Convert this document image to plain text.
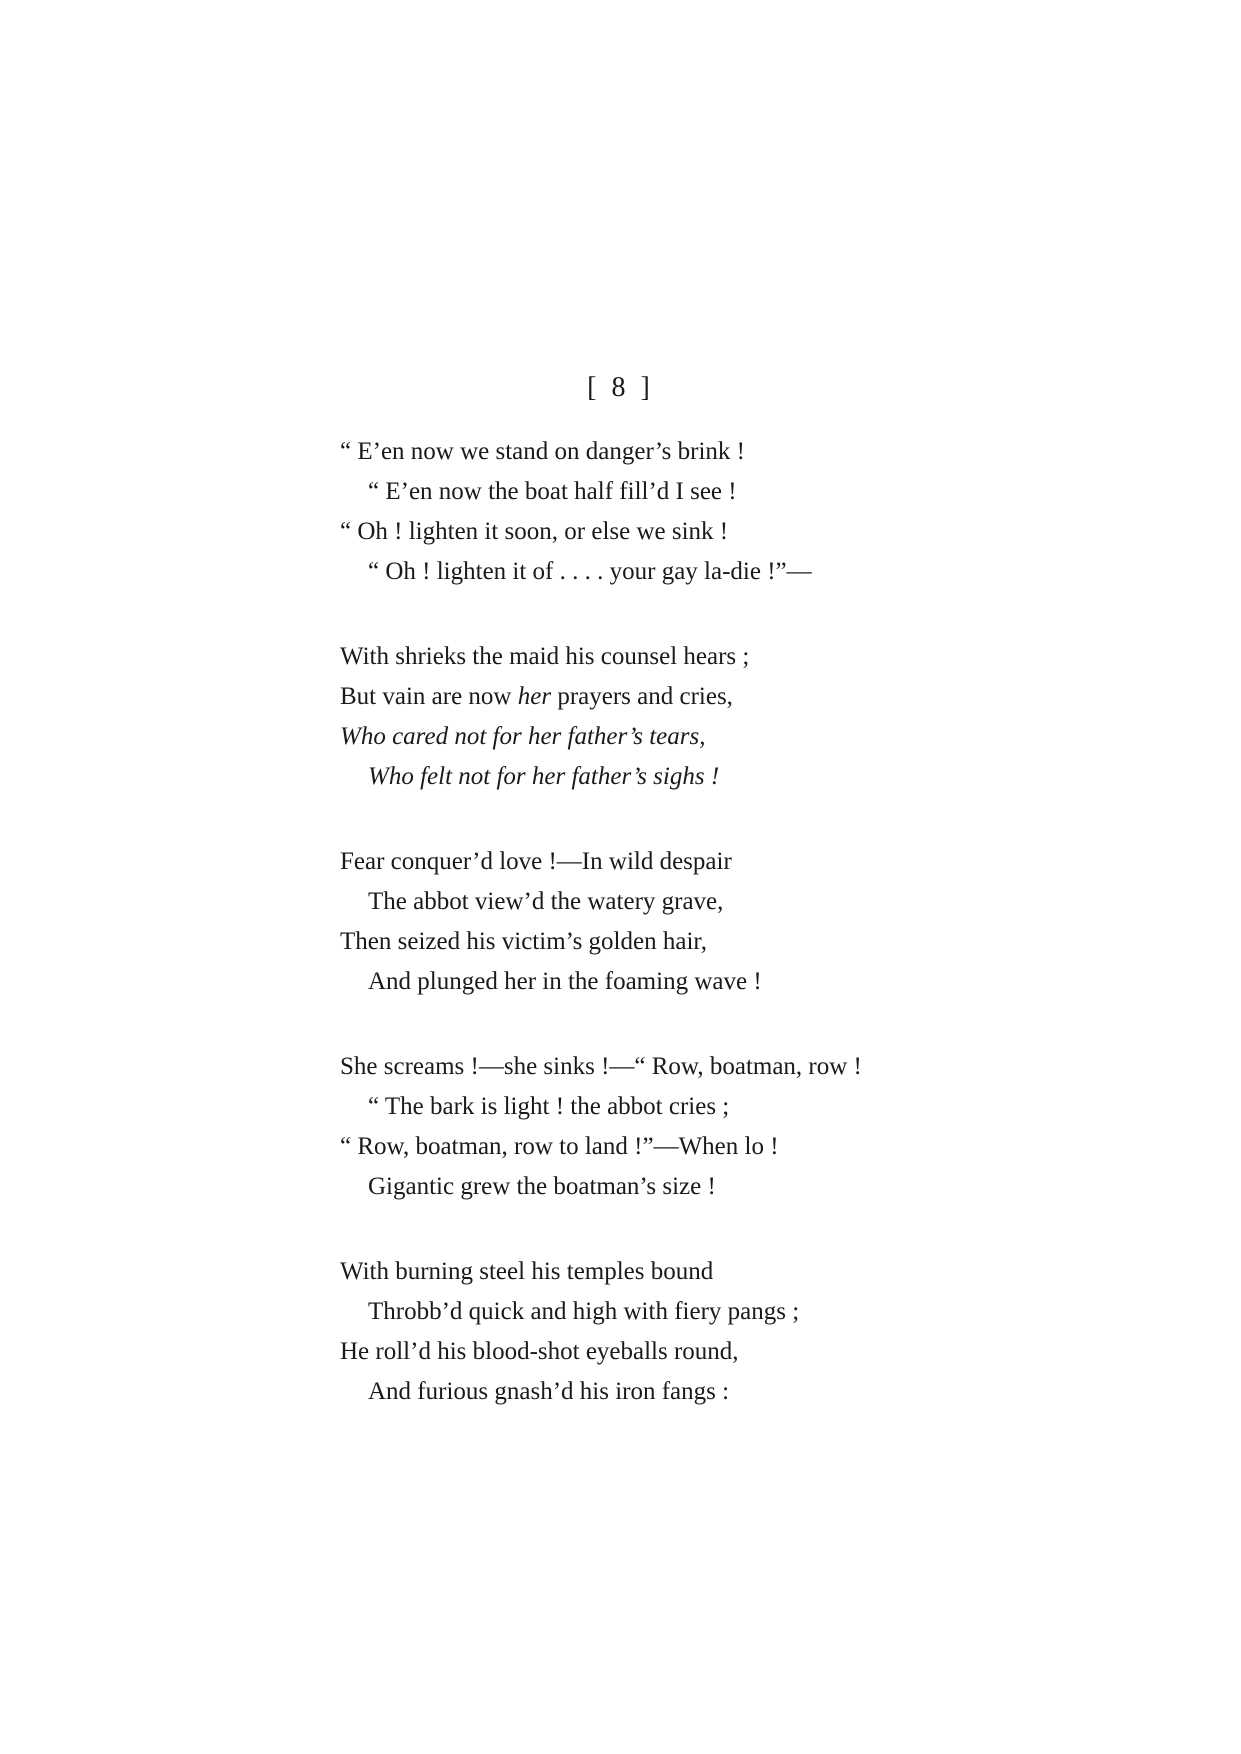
[ 8 ]
“ E’en now we stand on danger’s brink !
“ E’en now the boat half fill’d I see !
“ Oh ! lighten it soon, or else we sink !
“ Oh ! lighten it of . . . . your gay la-die !”—
With shrieks the maid his counsel hears ;
But vain are now her prayers and cries,
Who cared not for her father’s tears,
Who felt not for her father’s sighs !
Fear conquer’d love !—In wild despair
The abbot view’d the watery grave,
Then seized his victim’s golden hair,
And plunged her in the foaming wave !
She screams !—she sinks !—“ Row, boatman, row !
“ The bark is light ! the abbot cries ;
“ Row, boatman, row to land !”—When lo !
Gigantic grew the boatman’s size !
With burning steel his temples bound
Throbb’d quick and high with fiery pangs ;
He roll’d his blood-shot eyeballs round,
And furious gnash’d his iron fangs :
